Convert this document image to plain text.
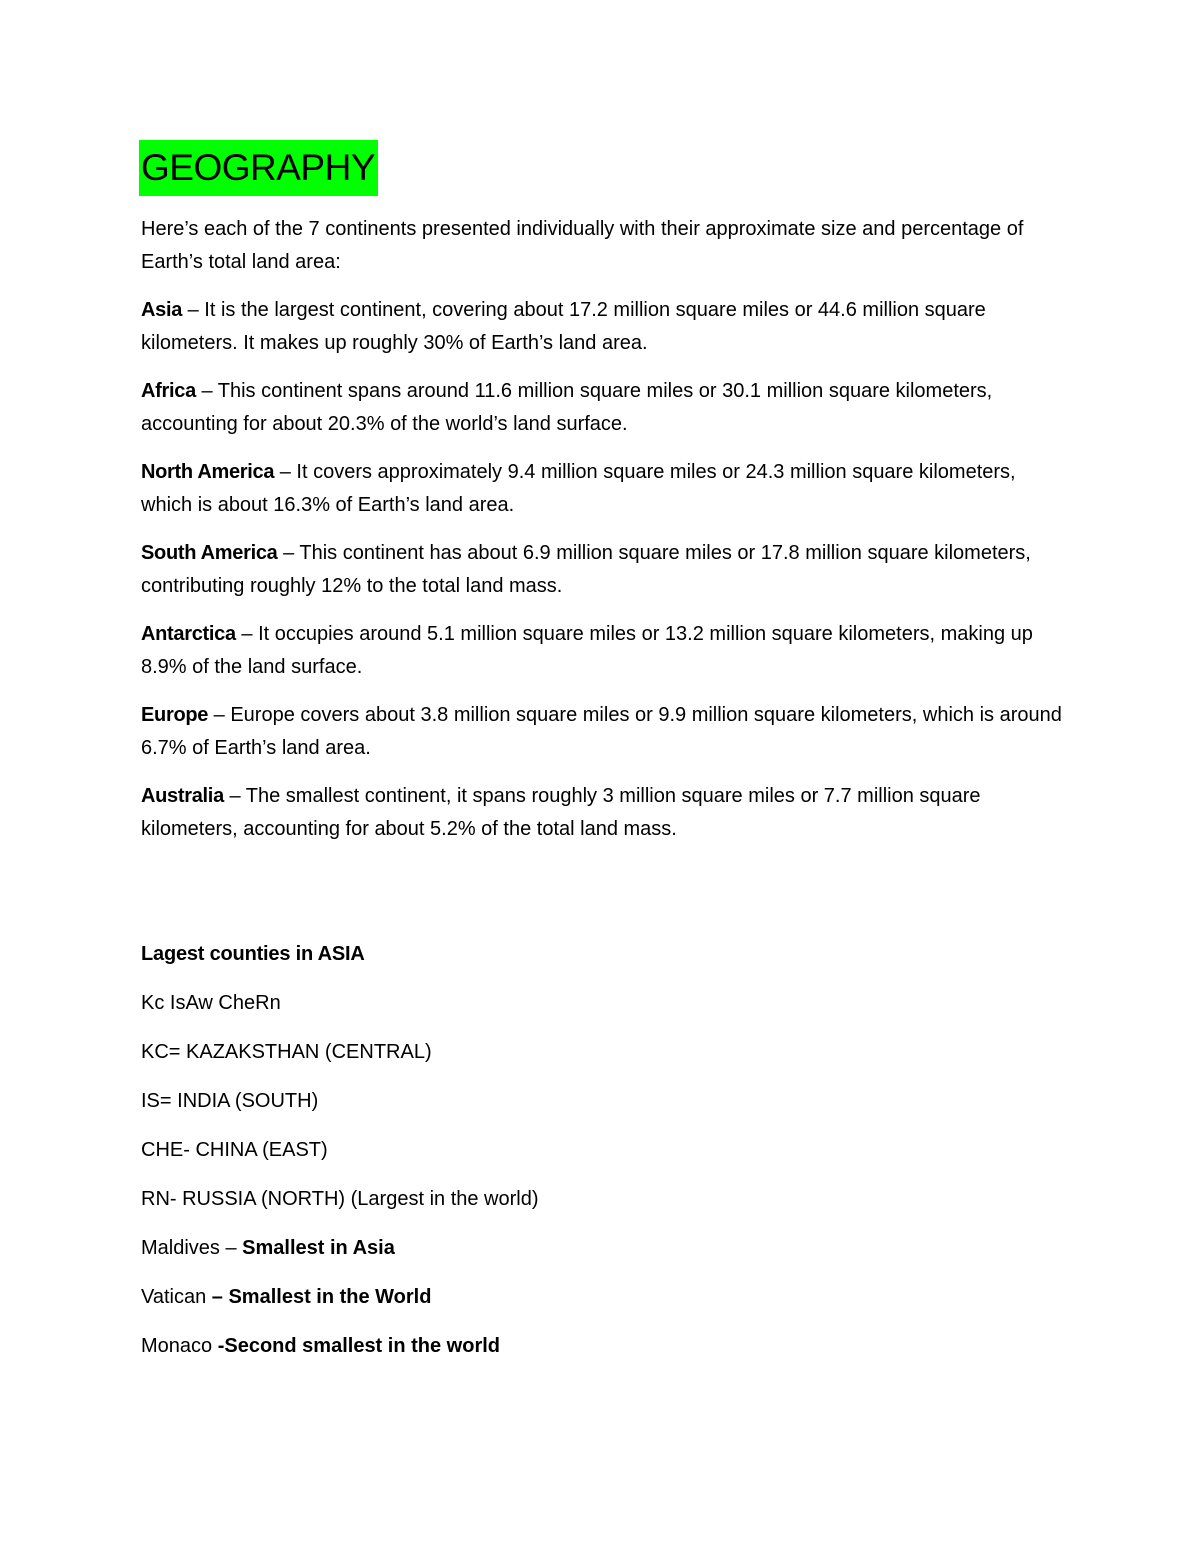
GEOGRAPHY

Here’s each of the 7 continents presented individually with their approximate size and percentage of Earth’s total land area:

Asia – It is the largest continent, covering about 17.2 million square miles or 44.6 million square kilometers. It makes up roughly 30% of Earth’s land area.

Africa – This continent spans around 11.6 million square miles or 30.1 million square kilometers, accounting for about 20.3% of the world’s land surface.

North America – It covers approximately 9.4 million square miles or 24.3 million square kilometers, which is about 16.3% of Earth’s land area.

South America – This continent has about 6.9 million square miles or 17.8 million square kilometers, contributing roughly 12% to the total land mass.

Antarctica – It occupies around 5.1 million square miles or 13.2 million square kilometers, making up 8.9% of the land surface.

Europe – Europe covers about 3.8 million square miles or 9.9 million square kilometers, which is around 6.7% of Earth’s land area.

Australia – The smallest continent, it spans roughly 3 million square miles or 7.7 million square kilometers, accounting for about 5.2% of the total land mass.

Lagest counties in ASIA

Kc IsAw CheRn

KC= KAZAKSTHAN (CENTRAL)

IS= INDIA (SOUTH)

CHE- CHINA (EAST)

RN- RUSSIA (NORTH) (Largest in the world)

Maldives – Smallest in Asia

Vatican – Smallest in the World

Monaco -Second smallest in the world
